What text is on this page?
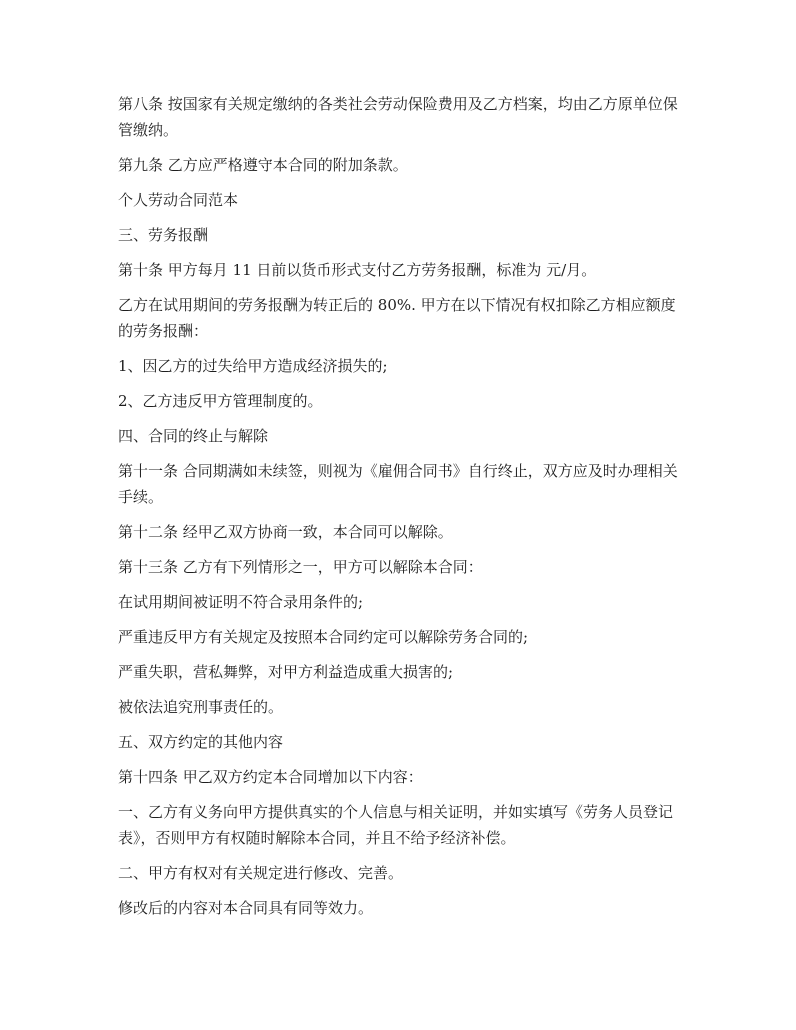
第八条 按国家有关规定缴纳的各类社会劳动保险费用及乙方档案，均由乙方原单位保管缴纳。

第九条 乙方应严格遵守本合同的附加条款。

个人劳动合同范本

三、劳务报酬

第十条 甲方每月 11 日前以货币形式支付乙方劳务报酬，标准为 元/月。

乙方在试用期间的劳务报酬为转正后的 80%. 甲方在以下情况有权扣除乙方相应额度的劳务报酬：

1、因乙方的过失给甲方造成经济损失的;

2、乙方违反甲方管理制度的。

四、合同的终止与解除

第十一条 合同期满如未续签，则视为《雇佣合同书》自行终止，双方应及时办理相关手续。

第十二条 经甲乙双方协商一致，本合同可以解除。

第十三条 乙方有下列情形之一，甲方可以解除本合同：

在试用期间被证明不符合录用条件的;

严重违反甲方有关规定及按照本合同约定可以解除劳务合同的;

严重失职，营私舞弊，对甲方利益造成重大损害的;

被依法追究刑事责任的。

五、双方约定的其他内容

第十四条 甲乙双方约定本合同增加以下内容：

一、乙方有义务向甲方提供真实的个人信息与相关证明，并如实填写《劳务人员登记表》，否则甲方有权随时解除本合同，并且不给予经济补偿。

二、甲方有权对有关规定进行修改、完善。

修改后的内容对本合同具有同等效力。
